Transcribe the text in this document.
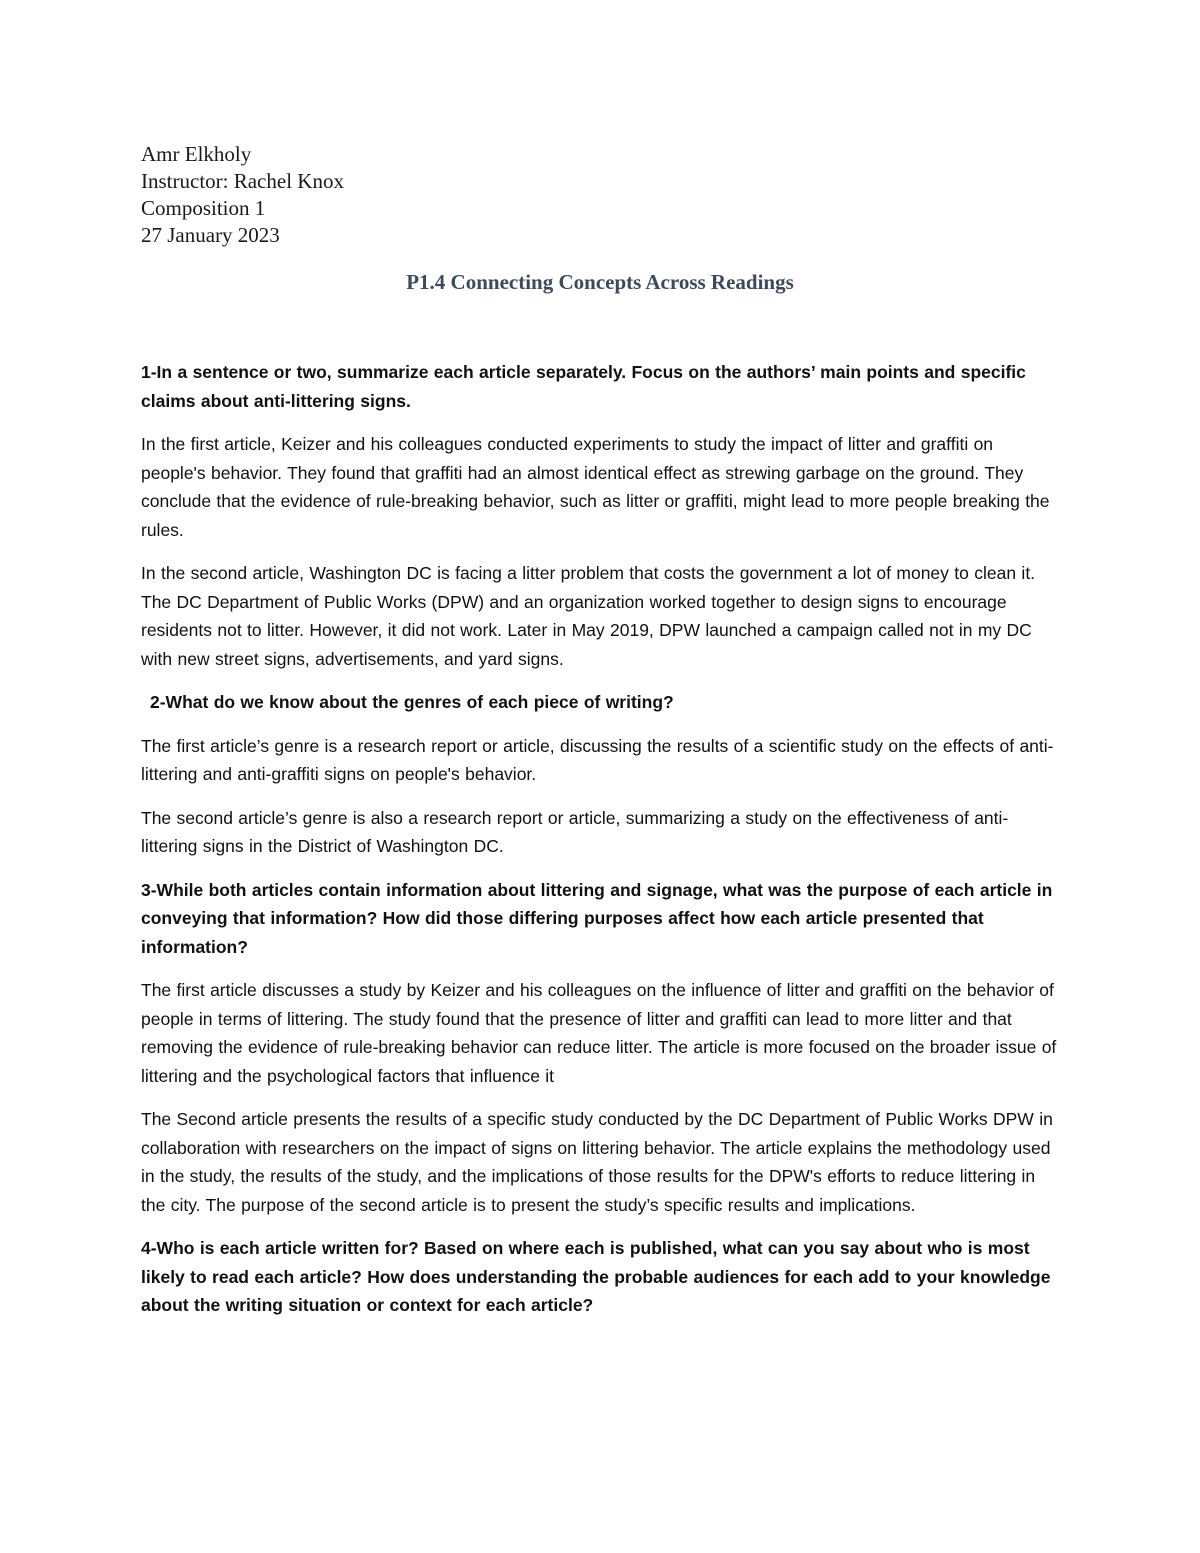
Amr Elkholy
Instructor: Rachel Knox
Composition 1
27 January 2023
P1.4 Connecting Concepts Across Readings
1-In a sentence or two, summarize each article separately. Focus on the authors’ main points and specific claims about anti-littering signs.
In the first article, Keizer and his colleagues conducted experiments to study the impact of litter and graffiti on people's behavior. They found that graffiti had an almost identical effect as strewing garbage on the ground. They conclude that the evidence of rule-breaking behavior, such as litter or graffiti, might lead to more people breaking the rules.
In the second article, Washington DC is facing a litter problem that costs the government a lot of money to clean it. The DC Department of Public Works (DPW) and an organization worked together to design signs to encourage residents not to litter. However, it did not work. Later in May 2019, DPW launched a campaign called not in my DC with new street signs, advertisements, and yard signs.
2-What do we know about the genres of each piece of writing?
The first article’s genre is a research report or article, discussing the results of a scientific study on the effects of anti-littering and anti-graffiti signs on people's behavior.
The second article’s genre is also a research report or article, summarizing a study on the effectiveness of anti-littering signs in the District of Washington DC.
3-While both articles contain information about littering and signage, what was the purpose of each article in conveying that information? How did those differing purposes affect how each article presented that information?
The first article discusses a study by Keizer and his colleagues on the influence of litter and graffiti on the behavior of people in terms of littering. The study found that the presence of litter and graffiti can lead to more litter and that removing the evidence of rule-breaking behavior can reduce litter. The article is more focused on the broader issue of littering and the psychological factors that influence it
The Second article presents the results of a specific study conducted by the DC Department of Public Works DPW in collaboration with researchers on the impact of signs on littering behavior. The article explains the methodology used in the study, the results of the study, and the implications of those results for the DPW's efforts to reduce littering in the city. The purpose of the second article is to present the study’s specific results and implications.
4-Who is each article written for? Based on where each is published, what can you say about who is most likely to read each article? How does understanding the probable audiences for each add to your knowledge about the writing situation or context for each article?
